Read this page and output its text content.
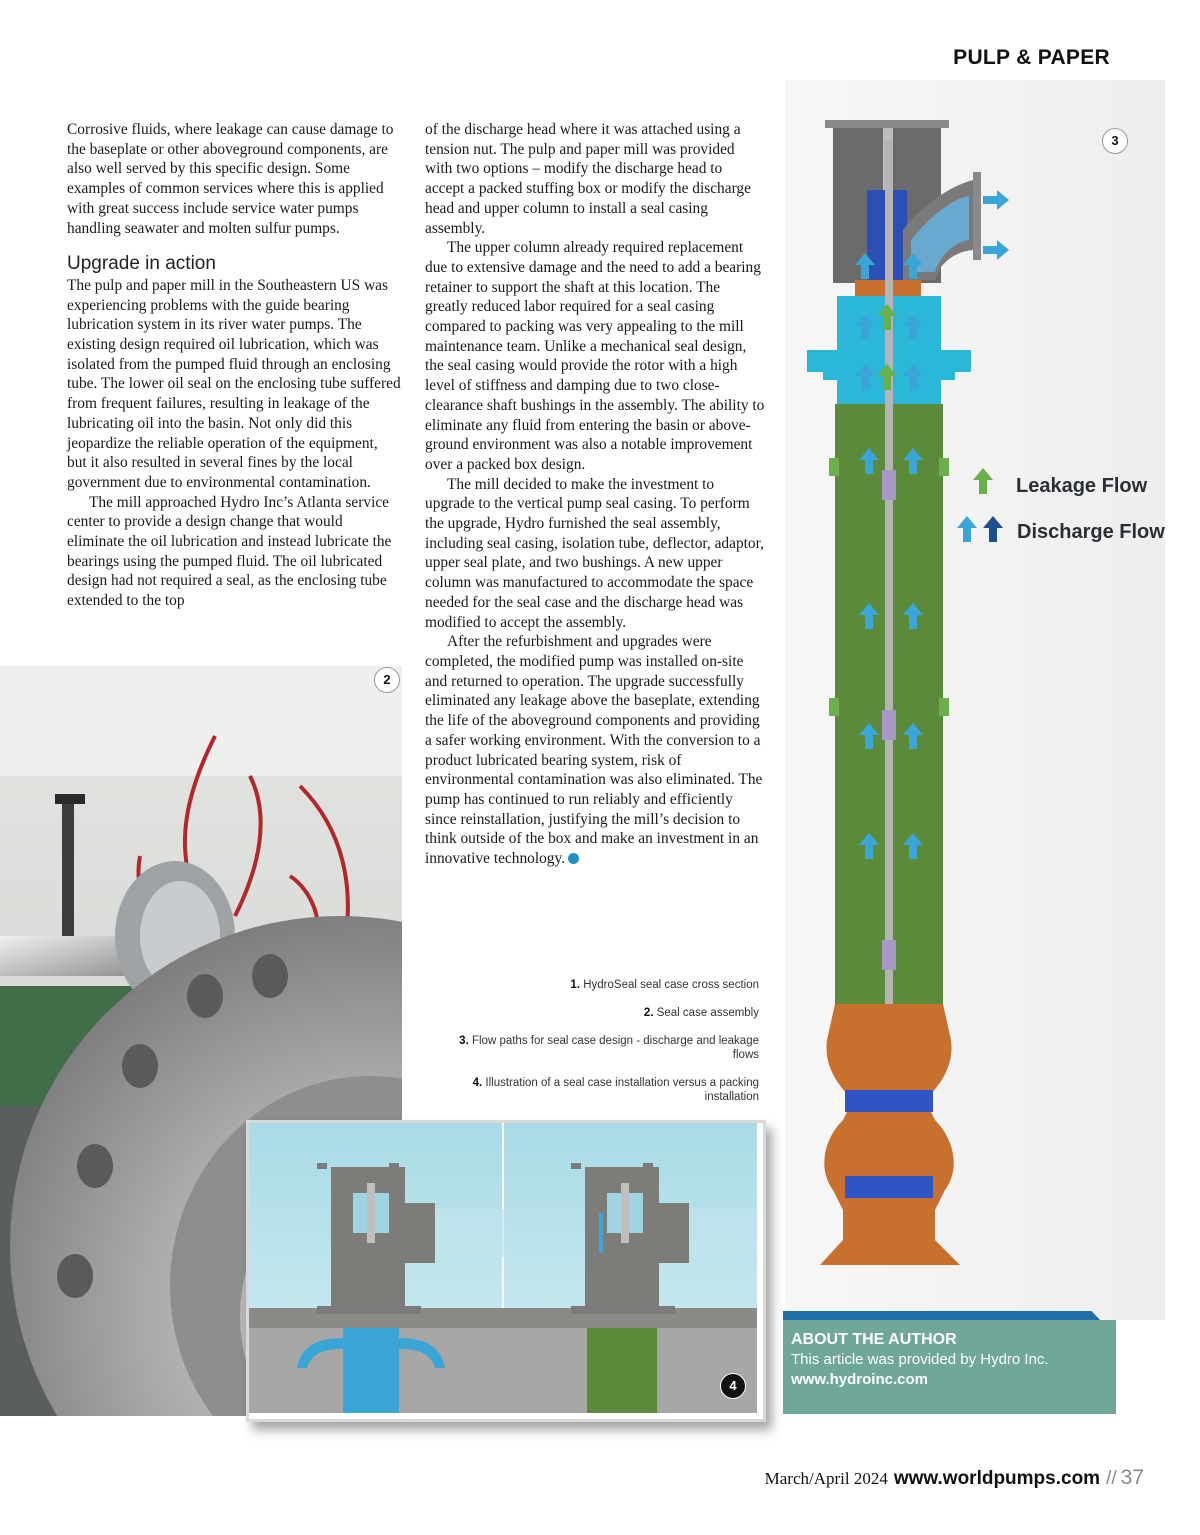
PULP & PAPER

Corrosive fluids, where leakage can cause damage to the baseplate or other aboveground components, are also well served by this specific design. Some examples of common services where this is applied with great success include service water pumps handling seawater and molten sulfur pumps.

Upgrade in action

The pulp and paper mill in the Southeastern US was experiencing problems with the guide bearing lubrication system in its river water pumps. The existing design required oil lubrication, which was isolated from the pumped fluid through an enclosing tube. The lower oil seal on the enclosing tube suffered from frequent failures, resulting in leakage of the lubricating oil into the basin. Not only did this jeopardize the reliable operation of the equipment, but it also resulted in several fines by the local government due to environmental contamination.

The mill approached Hydro Inc’s Atlanta service center to provide a design change that would eliminate the oil lubrication and instead lubricate the bearings using the pumped fluid. The oil lubricated design had not required a seal, as the enclosing tube extended to the top

of the discharge head where it was attached using a tension nut. The pulp and paper mill was provided with two options – modify the discharge head to accept a packed stuffing box or modify the discharge head and upper column to install a seal casing assembly.

The upper column already required replacement due to extensive damage and the need to add a bearing retainer to support the shaft at this location. The greatly reduced labor required for a seal casing compared to packing was very appealing to the mill maintenance team. Unlike a mechanical seal design, the seal casing would provide the rotor with a high level of stiffness and damping due to two close-clearance shaft bushings in the assembly. The ability to eliminate any fluid from entering the basin or above-ground environment was also a notable improvement over a packed box design.

The mill decided to make the investment to upgrade to the vertical pump seal casing. To perform the upgrade, Hydro furnished the seal assembly, including seal casing, isolation tube, deflector, adaptor, upper seal plate, and two bushings. A new upper column was manufactured to accommodate the space needed for the seal case and the discharge head was modified to accept the assembly.

After the refurbishment and upgrades were completed, the modified pump was installed on-site and returned to operation. The upgrade successfully eliminated any leakage above the baseplate, extending the life of the aboveground components and providing a safer working environment. With the conversion to a product lubricated bearing system, risk of environmental contamination was also eliminated. The pump has continued to run reliably and efficiently since reinstallation, justifying the mill’s decision to think outside of the box and make an investment in an innovative technology.

2
3
Leakage Flow
Discharge Flow
1. HydroSeal seal case cross section
2. Seal case assembly
3. Flow paths for seal case design - discharge and leakage flows
4. Illustration of a seal case installation versus a packing installation
4
ABOUT THE AUTHOR
This article was provided by Hydro Inc.
www.hydroinc.com
March/April 2024 www.worldpumps.com // 37
